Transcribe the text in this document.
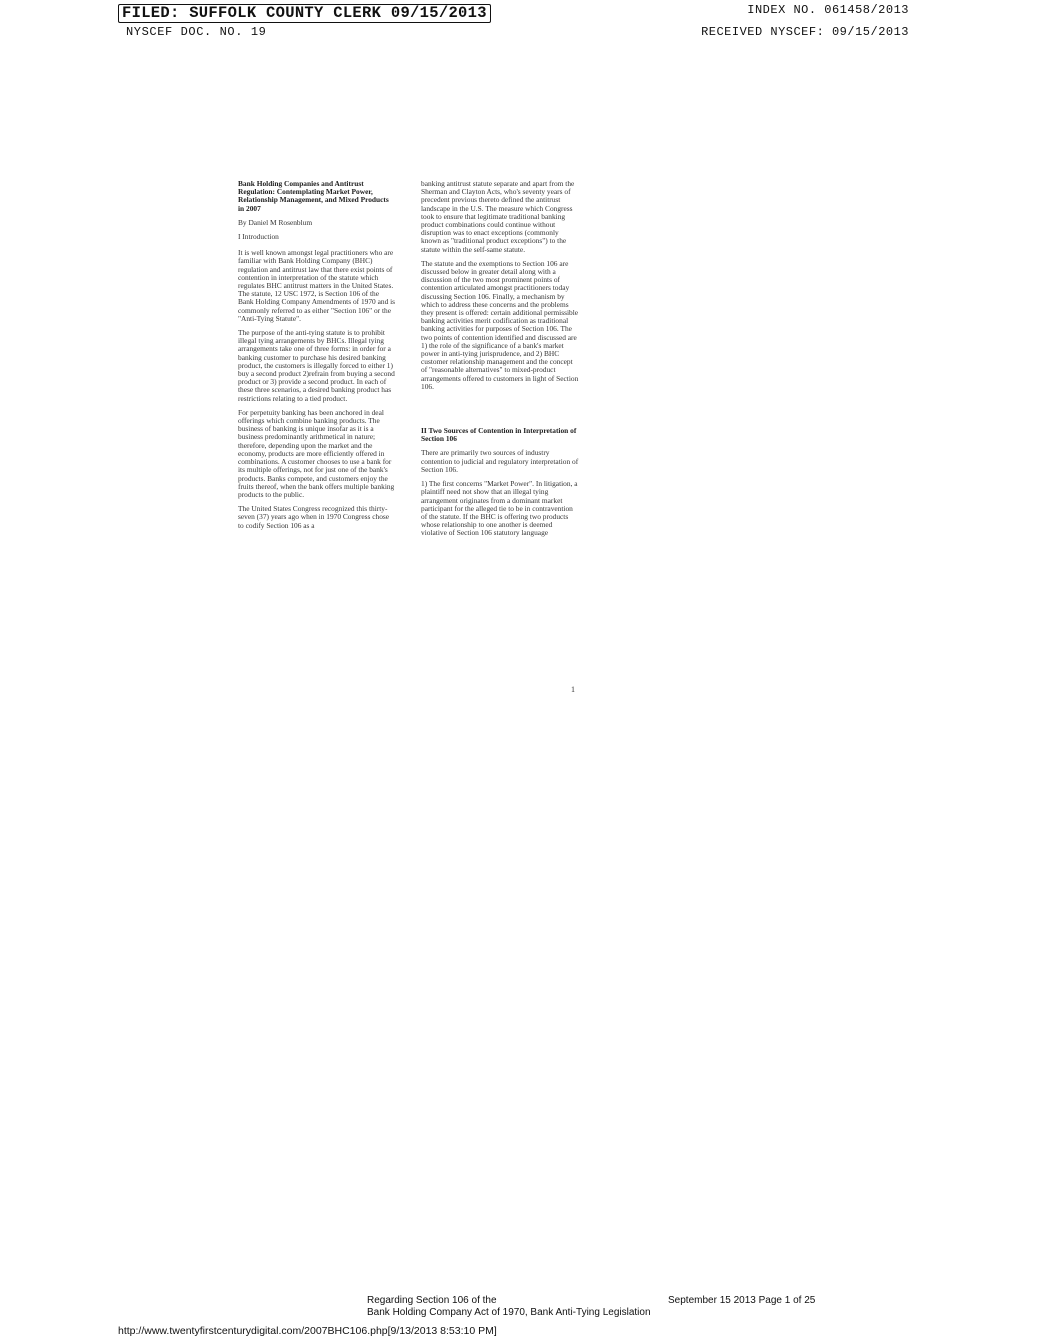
FILED: SUFFOLK COUNTY CLERK 09/15/2013
NYSCEF DOC. NO. 19
INDEX NO. 061458/2013
RECEIVED NYSCEF: 09/15/2013
Bank Holding Companies and Antitrust Regulation: Contemplating Market Power, Relationship Management, and Mixed Products in 2007

By Daniel M Rosenblum

I Introduction

It is well known amongst legal practitioners who are familiar with Bank Holding Company (BHC) regulation and antitrust law that there exist points of contention in interpretation of the statute which regulates BHC antitrust matters in the United States. The statute, 12 USC 1972, is Section 106 of the Bank Holding Company Amendments of 1970 and is commonly referred to as either "Section 106" or the "Anti-Tying Statute".

The purpose of the anti-tying statute is to prohibit illegal tying arrangements by BHCs. Illegal tying arrangements take one of three forms: in order for a banking customer to purchase his desired banking product, the customers is illegally forced to either 1) buy a second product 2)refrain from buying a second product or 3) provide a second product. In each of these three scenarios, a desired banking product has restrictions relating to a tied product.

For perpetuity banking has been anchored in deal offerings which combine banking products. The business of banking is unique insofar as it is a business predominantly arithmetical in nature; therefore, depending upon the market and the economy, products are more efficiently offered in combinations. A customer chooses to use a bank for its multiple offerings, not for just one of the bank's products. Banks compete, and customers enjoy the fruits thereof, when the bank offers multiple banking products to the public.

The United States Congress recognized this thirty-seven (37) years ago when in 1970 Congress chose to codify Section 106 as a

banking antitrust statute separate and apart from the Sherman and Clayton Acts, who's seventy years of precedent previous thereto defined the antitrust landscape in the U.S. The measure which Congress took to ensure that legitimate traditional banking product combinations could continue without disruption was to enact exceptions (commonly known as "traditional product exceptions") to the statute within the self-same statute.

The statute and the exemptions to Section 106 are discussed below in greater detail along with a discussion of the two most prominent points of contention articulated amongst practitioners today discussing Section 106. Finally, a mechanism by which to address these concerns and the problems they present is offered: certain additional permissible banking activities merit codification as traditional banking activities for purposes of Section 106. The two points of contention identified and discussed are 1) the role of the significance of a bank's market power in anti-tying jurisprudence, and 2) BHC customer relationship management and the concept of "reasonable alternatives" to mixed-product arrangements offered to customers in light of Section 106.

II Two Sources of Contention in Interpretation of Section 106

There are primarily two sources of industry contention to judicial and regulatory interpretation of Section 106.

1) The first concerns "Market Power". In litigation, a plaintiff need not show that an illegal tying arrangement originates from a dominant market participant for the alleged tie to be in contravention of the statute. If the BHC is offering two products whose relationship to one another is deemed violative of Section 106 statutory language

1
Regarding Section 106 of the
Bank Holding Company Act of 1970, Bank Anti-Tying Legislation
September 15 2013 Page 1 of 25
http://www.twentyfirstcenturydigital.com/2007BHC106.php[9/13/2013 8:53:10 PM]
